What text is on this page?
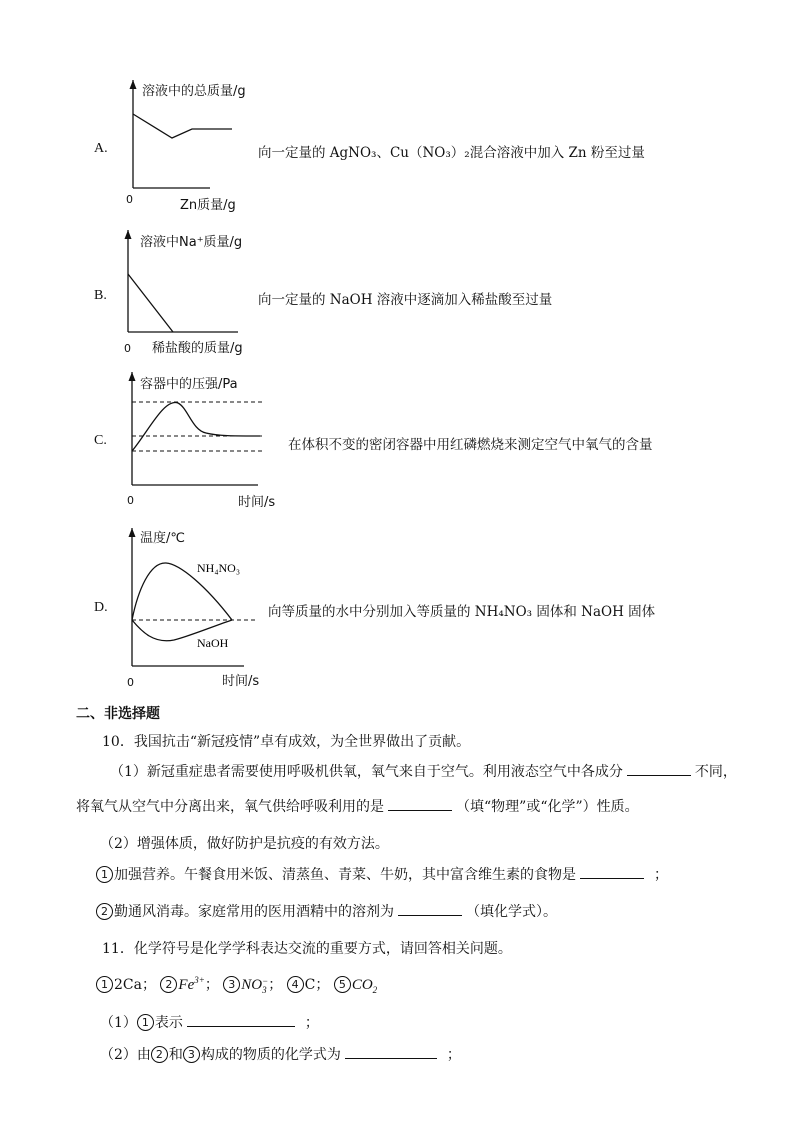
A.
溶液中的总质量/g
0	Zn质量/g
向一定量的 AgNO₃、Cu（NO₃）₂混合溶液中加入 Zn 粉至过量
B.
溶液中Na⁺质量/g
0 稀盐酸的质量/g
向一定量的 NaOH 溶液中逐滴加入稀盐酸至过量
C.
容器中的压强/Pa
0	时间/s
在体积不变的密闭容器中用红磷燃烧来测定空气中氧气的含量
D.
温度/℃
NH₄NO₃
NaOH
0	时间/s
向等质量的水中分别加入等质量的 NH₄NO₃ 固体和 NaOH 固体
二、非选择题
10．我国抗击“新冠疫情”卓有成效，为全世界做出了贡献。
（1）新冠重症患者需要使用呼吸机供氧，氧气来自于空气。利用液态空气中各成分	不同，
将氧气从空气中分离出来，氧气供给呼吸利用的是	（填“物理”或“化学”）性质。
（2）增强体质，做好防护是抗疫的有效方法。
1 加强营养。午餐食用米饭、清蒸鱼、青菜、牛奶，其中富含维生素的食物是	；
2 勤通风消毒。家庭常用的医用酒精中的溶剂为	（填化学式）。
11．化学符号是化学学科表达交流的重要方式，请回答相关问题。
1 2Ca； 2 $Fe^{3+}$； 3 NO −
3 ； 4 C； 5 $CO_2$
（1） 1 表示	；
（2）由 2 和 3 构成的物质的化学式为	；
